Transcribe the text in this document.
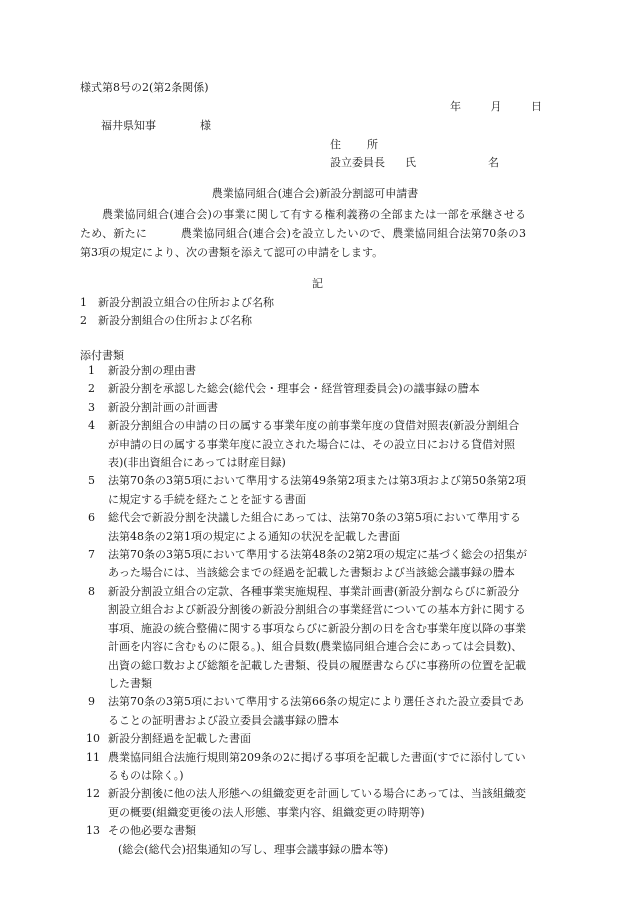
様式第8号の2(第2条関係)
年	月	日
福井県知事	様
住 所
設立委員長 氏	名
農業協同組合(連合会)新設分割認可申請書

農業協同組合(連合会)の事業に関して有する権利義務の全部または一部を承継させるため、新たに　　　農業協同組合(連合会)を設立したいので、農業協同組合法第70条の3第3項の規定により、次の書類を添えて認可の申請をします。

記
1 新設分割設立組合の住所および名称
2 新設分割組合の住所および名称
添付書類
1	新設分割の理由書
2	新設分割を承認した総会(総代会・理事会・経営管理委員会)の議事録の謄本
3	新設分割計画の計画書
4	新設分割組合の申請の日の属する事業年度の前事業年度の貸借対照表(新設分割組合が申請の日の属する事業年度に設立された場合には、その設立日における貸借対照表)(非出資組合にあっては財産目録)
5	法第70条の3第5項において準用する法第49条第2項または第3項および第50条第2項に規定する手続を経たことを証する書面
6	総代会で新設分割を決議した組合にあっては、法第70条の3第5項において準用する法第48条の2第1項の規定による通知の状況を記載した書面
7	法第70条の3第5項において準用する法第48条の2第2項の規定に基づく総会の招集があった場合には、当該総会までの経過を記載した書類および当該総会議事録の謄本
8	新設分割設立組合の定款、各種事業実施規程、事業計画書(新設分割ならびに新設分割設立組合および新設分割後の新設分割組合の事業経営についての基本方針に関する事項、施設の統合整備に関する事項ならびに新設分割の日を含む事業年度以降の事業計画を内容に含むものに限る。)、組合員数(農業協同組合連合会にあっては会員数)、出資の総口数および総額を記載した書類、役員の履歴書ならびに事務所の位置を記載した書類
9	法第70条の3第5項において準用する法第66条の規定により選任された設立委員であることの証明書および設立委員会議事録の謄本
10 新設分割経過を記載した書面
11 農業協同組合法施行規則第209条の2に掲げる事項を記載した書面(すでに添付しているものは除く。)
12 新設分割後に他の法人形態への組織変更を計画している場合にあっては、当該組織変更の概要(組織変更後の法人形態、事業内容、組織変更の時期等)
13 その他必要な書類
(総会(総代会)招集通知の写し、理事会議事録の謄本等)
